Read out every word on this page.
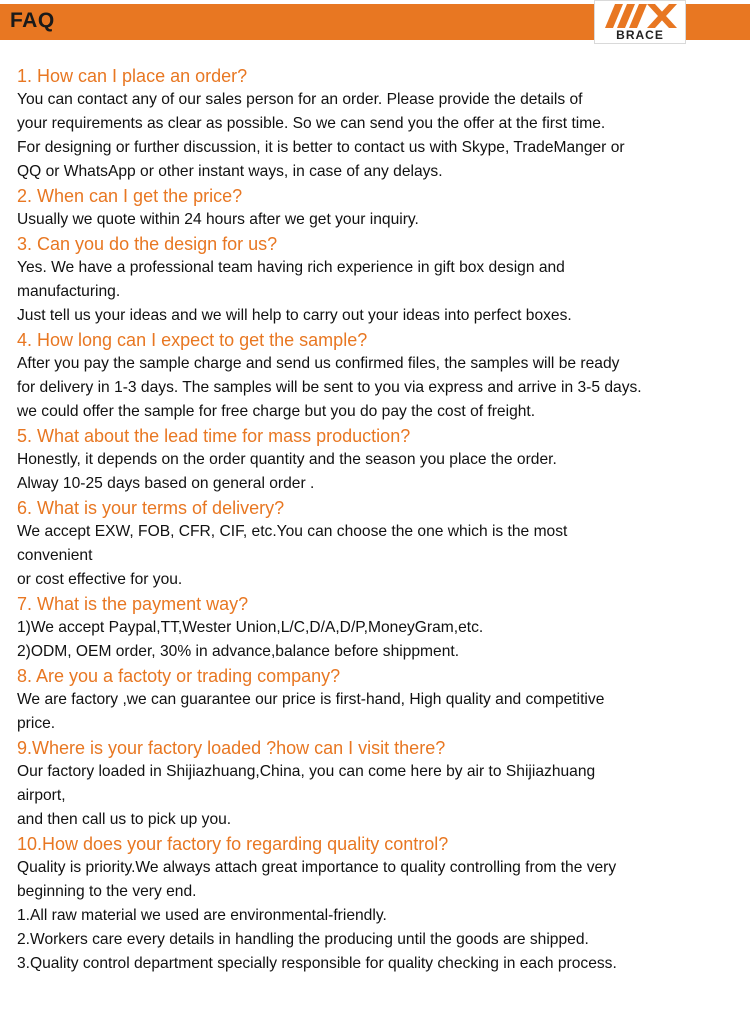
FAQ
BRACE

1. How can I place an order?

You can contact any of our sales person for an order. Please provide the details of

your requirements as clear as possible. So we can send you the offer at the first time.

For designing or further discussion, it is better to contact us with Skype, TradeManger or

QQ or WhatsApp or other instant ways, in case of any delays.

2. When can I get the price?

Usually we quote within 24 hours after we get your inquiry.

3. Can you do the design for us?

Yes. We have a professional team having rich experience in gift box design and

manufacturing.

Just tell us your ideas and we will help to carry out your ideas into perfect boxes.

4. How long can I expect to get the sample?

After you pay the sample charge and send us confirmed files, the samples will be ready

for delivery in 1-3 days. The samples will be sent to you via express and arrive in 3-5 days.

we could offer the sample for free charge but you do pay the cost of freight.

5. What about the lead time for mass production?

Honestly, it depends on the order quantity and the season you place the order.

Alway 10-25 days based on general order .

6. What is your terms of delivery?

We accept EXW, FOB, CFR, CIF, etc.You can choose the one which is the most

convenient

or cost effective for you.

7. What is the payment way?

1)We accept Paypal,TT,Wester Union,L/C,D/A,D/P,MoneyGram,etc.

2)ODM, OEM order, 30% in advance,balance before shippment.

8. Are you a factoty or trading company?

We are factory ,we can guarantee our price is first-hand, High quality and competitive

price.

9.Where is your factory loaded ?how can I visit there?

Our factory loaded in Shijiazhuang,China, you can come here by air to Shijiazhuang

airport,

and then call us to pick up you.

10.How does your factory fo regarding quality control?

Quality is priority.We always attach great importance to quality controlling from the very

beginning to the very end.

1.All raw material we used are environmental-friendly.

2.Workers care every details in handling the producing until the goods are shipped.

3.Quality control department specially responsible for quality checking in each process.
